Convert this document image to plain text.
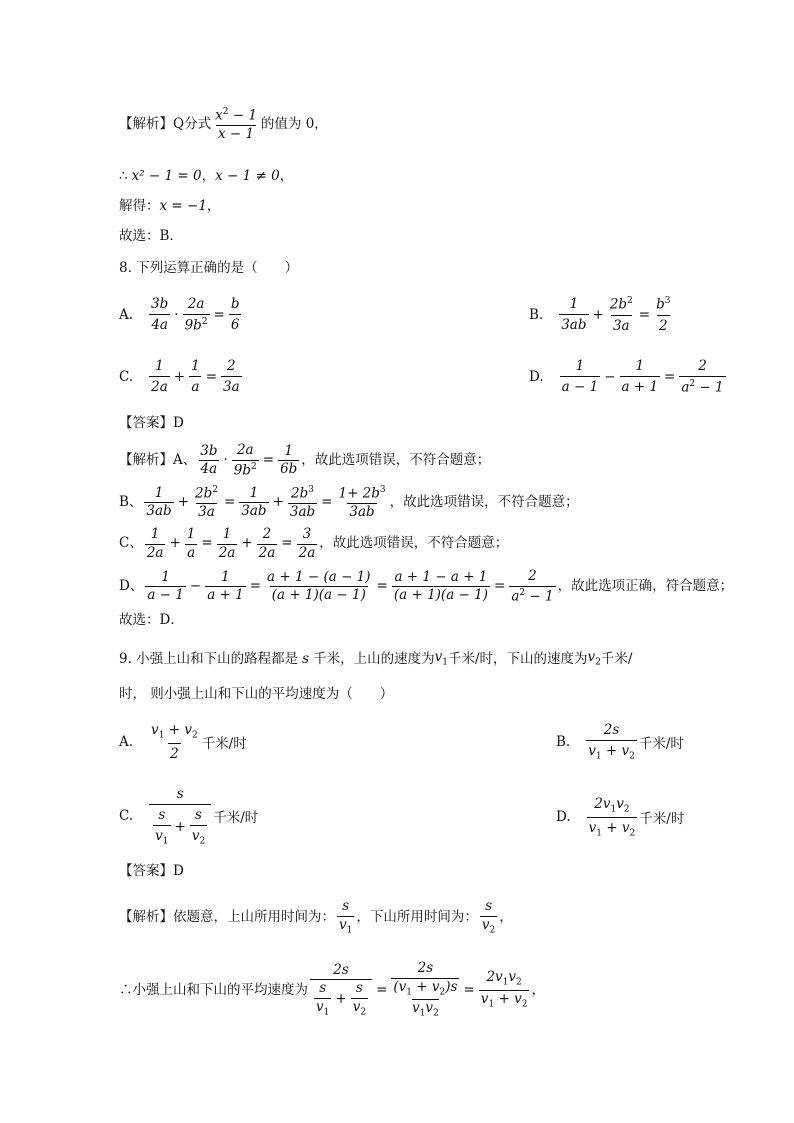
【解析】 Q 分式 $\frac{x^2 - 1}{x - 1}$ 的值为 0，
∴ x² − 1 = 0 ， x − 1 ≠ 0 ，
解得： x = −1 ，
故选：B．
8. 下列运算正确的是（　　）
A. $\frac{3b}{4a} \cdot \frac{2a}{9b^2} = \frac{b}{6}$	B. $\frac{1}{3ab} + \frac{2b^2}{3a} = \frac{b^3}{2}$
C. $\frac{1}{2a} + \frac{1}{a} = \frac{2}{3a}$	D. $\frac{1}{a - 1} - \frac{1}{a + 1} = \frac{2}{a^2 - 1}$
【答案】D
【解析】A、 $\frac{3b}{4a} \cdot \frac{2a}{9b^2} = \frac{1}{6b}$ ，故此选项错误，不符合题意；
B、 $\frac{1}{3ab} + \frac{2b^2}{3a} = \frac{1}{3ab} + \frac{2b^3}{3ab} = \frac{1+ 2b^3}{3ab}$ ，故此选项错误，不符合题意；
C、 $\frac{1}{2a} + \frac{1}{a} = \frac{1}{2a} + \frac{2}{2a} = \frac{3}{2a}$ ，故此选项错误，不符合题意；
D、 $\frac{1}{a - 1} - \frac{1}{a + 1} = \frac{a + 1 - (a - 1)}{(a + 1)(a - 1)} = \frac{a + 1 - a + 1}{(a + 1)(a - 1)} = \frac{2}{a^2 - 1}$ ，故此选项正确，符合题意；
故选：D．
9. 小强上山和下山的路程都是 s 千米，上山的速度为 $v_1$ 千米/时，下山的速度为 $v_2$ 千米/
时， 则小强上山和下山的平均速度为（　　）
A. $\frac{v_1 + v_2}{2}$ 千米/时	B. $\frac{2s}{v_1 + v_2}$ 千米/时
C. $\frac{s}{\frac{s}{v_1} + \frac{s}{v_2}}$ 千米/时	D. $\frac{2v_1v_2}{v_1 + v_2}$ 千米/时
【答案】D
【解析】依题意，上山所用时间为： $\frac{s}{v_1}$ ，下山所用时间为： $\frac{s}{v_2}$ ，
∴小强上山和下山的平均速度为 $\frac{2s}{\frac{s}{v_1} + \frac{s}{v_2}} = 2s$
$(v_1 + v_2)s$
$v_1v_2 = \frac{2v_1v_2}{v_1 + v_2}$ ，
